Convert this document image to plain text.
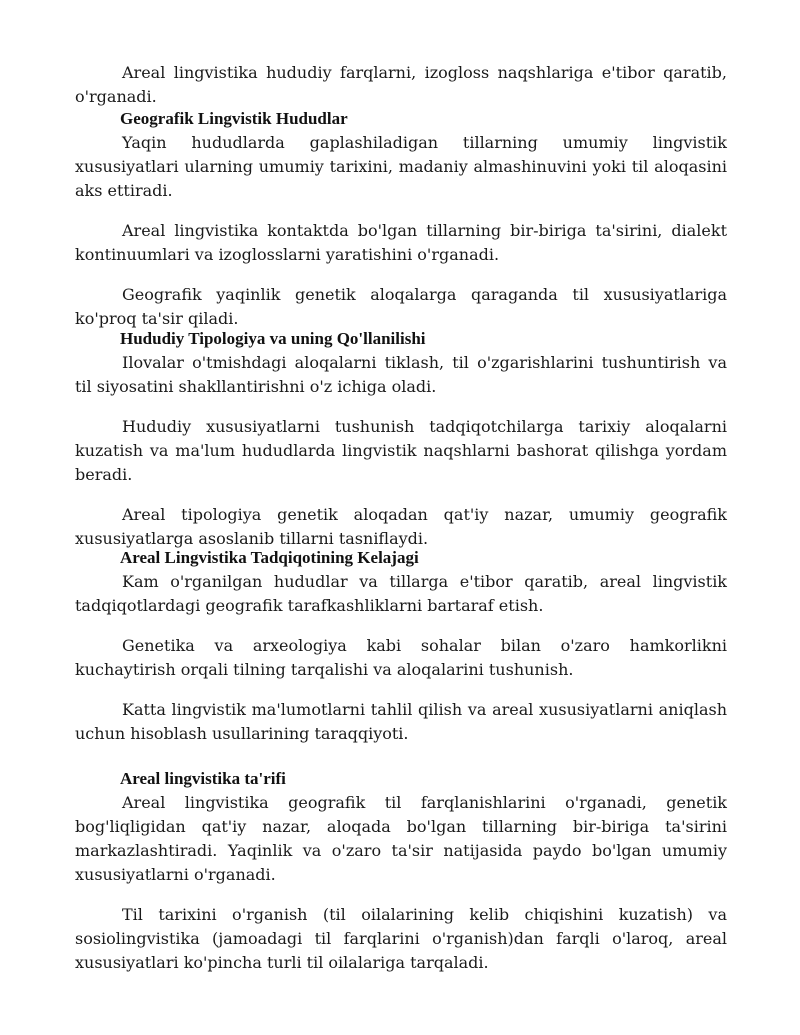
Areal lingvistika hududiy farqlarni, izogloss naqshlariga e'tibor qaratib, o'rganadi.

Geografik Lingvistik Hududlar

Yaqin hududlarda gaplashiladigan tillarning umumiy lingvistik xususiyatlari ularning umumiy tarixini, madaniy almashinuvini yoki til aloqasini aks ettiradi.

Areal lingvistika kontaktda bo'lgan tillarning bir-biriga ta'sirini, dialekt kontinuumlari va izoglosslarni yaratishini o'rganadi.

Geografik yaqinlik genetik aloqalarga qaraganda til xususiyatlariga ko'proq ta'sir qiladi.

Hududiy Tipologiya va uning Qo'llanilishi

Ilovalar o'tmishdagi aloqalarni tiklash, til o'zgarishlarini tushuntirish va til siyosatini shakllantirishni o'z ichiga oladi.

Hududiy xususiyatlarni tushunish tadqiqotchilarga tarixiy aloqalarni kuzatish va ma'lum hududlarda lingvistik naqshlarni bashorat qilishga yordam beradi.

Areal tipologiya genetik aloqadan qat'iy nazar, umumiy geografik xususiyatlarga asoslanib tillarni tasniflaydi.

Areal Lingvistika Tadqiqotining Kelajagi

Kam o'rganilgan hududlar va tillarga e'tibor qaratib, areal lingvistik tadqiqotlardagi geografik tarafkashliklarni bartaraf etish.

Genetika va arxeologiya kabi sohalar bilan o'zaro hamkorlikni kuchaytirish orqali tilning tarqalishi va aloqalarini tushunish.

Katta lingvistik ma'lumotlarni tahlil qilish va areal xususiyatlarni aniqlash uchun hisoblash usullarining taraqqiyoti.

Areal lingvistika ta'rifi

Areal lingvistika geografik til farqlanishlarini o'rganadi, genetik bog'liqligidan qat'iy nazar, aloqada bo'lgan tillarning bir-biriga ta'sirini markazlashtiradi. Yaqinlik va o'zaro ta'sir natijasida paydo bo'lgan umumiy xususiyatlarni o'rganadi.

Til tarixini o'rganish (til oilalarining kelib chiqishini kuzatish) va sosiolingvistika (jamoadagi til farqlarini o'rganish)dan farqli o'laroq, areal xususiyatlari ko'pincha turli til oilalariga tarqaladi.
